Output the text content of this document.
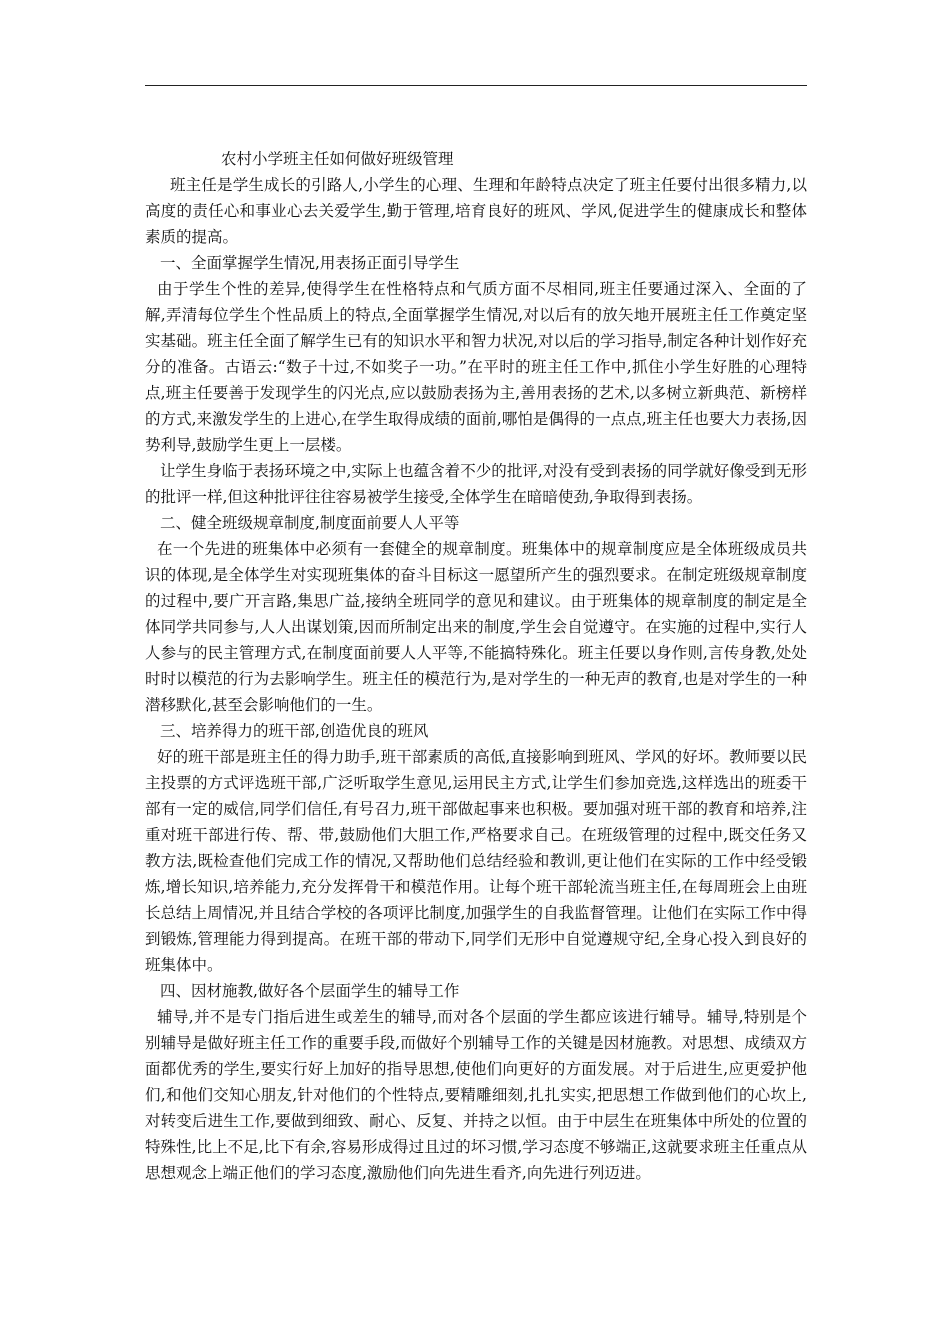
农村小学班主任如何做好班级管理

班主任是学生成长的引路人,小学生的心理、生理和年龄特点决定了班主任要付出很多精力,以高度的责任心和事业心去关爱学生,勤于管理,培育良好的班风、学风,促进学生的健康成长和整体素质的提高。

一、全面掌握学生情况,用表扬正面引导学生

由于学生个性的差异,使得学生在性格特点和气质方面不尽相同,班主任要通过深入、全面的了解,弄清每位学生个性品质上的特点,全面掌握学生情况,对以后有的放矢地开展班主任工作奠定坚实基础。班主任全面了解学生已有的知识水平和智力状况,对以后的学习指导,制定各种计划作好充分的准备。古语云:“数子十过,不如奖子一功。”在平时的班主任工作中,抓住小学生好胜的心理特点,班主任要善于发现学生的闪光点,应以鼓励表扬为主,善用表扬的艺术,以多树立新典范、新榜样的方式,来激发学生的上进心,在学生取得成绩的面前,哪怕是偶得的一点点,班主任也要大力表扬,因势利导,鼓励学生更上一层楼。

让学生身临于表扬环境之中,实际上也蕴含着不少的批评,对没有受到表扬的同学就好像受到无形的批评一样,但这种批评往往容易被学生接受,全体学生在暗暗使劲,争取得到表扬。

二、健全班级规章制度,制度面前要人人平等

在一个先进的班集体中必须有一套健全的规章制度。班集体中的规章制度应是全体班级成员共识的体现,是全体学生对实现班集体的奋斗目标这一愿望所产生的强烈要求。在制定班级规章制度的过程中,要广开言路,集思广益,接纳全班同学的意见和建议。由于班集体的规章制度的制定是全体同学共同参与,人人出谋划策,因而所制定出来的制度,学生会自觉遵守。在实施的过程中,实行人人参与的民主管理方式,在制度面前要人人平等,不能搞特殊化。班主任要以身作则,言传身教,处处时时以模范的行为去影响学生。班主任的模范行为,是对学生的一种无声的教育,也是对学生的一种潜移默化,甚至会影响他们的一生。

三、培养得力的班干部,创造优良的班风

好的班干部是班主任的得力助手,班干部素质的高低,直接影响到班风、学风的好坏。教师要以民主投票的方式评选班干部,广泛听取学生意见,运用民主方式,让学生们参加竞选,这样选出的班委干部有一定的威信,同学们信任,有号召力,班干部做起事来也积极。要加强对班干部的教育和培养,注重对班干部进行传、帮、带,鼓励他们大胆工作,严格要求自己。在班级管理的过程中,既交任务又教方法,既检查他们完成工作的情况,又帮助他们总结经验和教训,更让他们在实际的工作中经受锻炼,增长知识,培养能力,充分发挥骨干和模范作用。让每个班干部轮流当班主任,在每周班会上由班长总结上周情况,并且结合学校的各项评比制度,加强学生的自我监督管理。让他们在实际工作中得到锻炼,管理能力得到提高。在班干部的带动下,同学们无形中自觉遵规守纪,全身心投入到良好的班集体中。

四、因材施教,做好各个层面学生的辅导工作

辅导,并不是专门指后进生或差生的辅导,而对各个层面的学生都应该进行辅导。辅导,特别是个别辅导是做好班主任工作的重要手段,而做好个别辅导工作的关键是因材施教。对思想、成绩双方面都优秀的学生,要实行好上加好的指导思想,使他们向更好的方面发展。对于后进生,应更爱护他们,和他们交知心朋友,针对他们的个性特点,要精雕细刻,扎扎实实,把思想工作做到他们的心坎上,对转变后进生工作,要做到细致、耐心、反复、并持之以恒。由于中层生在班集体中所处的位置的特殊性,比上不足,比下有余,容易形成得过且过的坏习惯,学习态度不够端正,这就要求班主任重点从思想观念上端正他们的学习态度,激励他们向先进生看齐,向先进行列迈进。
